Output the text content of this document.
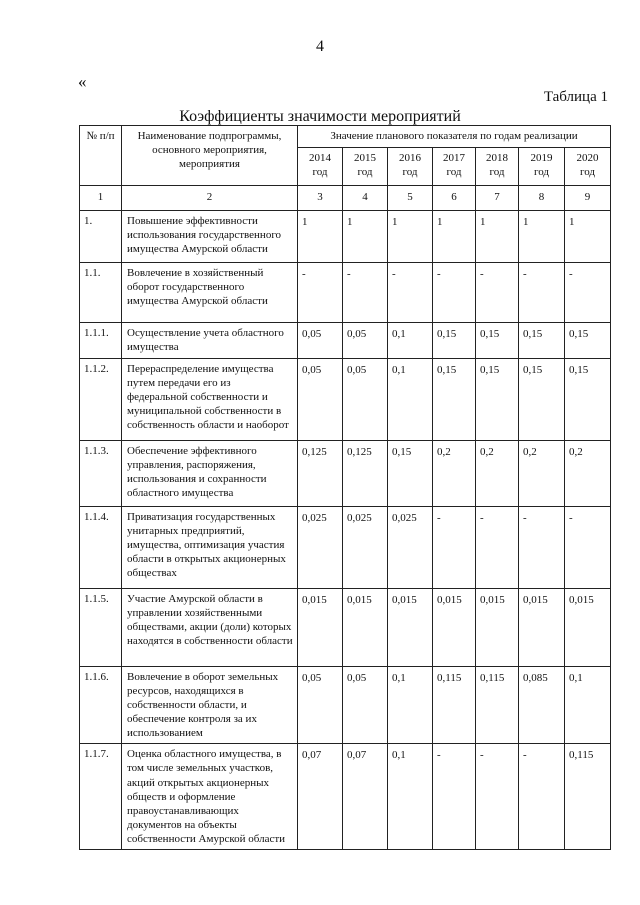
4
«
Таблица 1
Коэффициенты значимости мероприятий
№ п/п	Наименование подпрограммы, основного мероприятия, мероприятия	Значение планового показателя по годам реализации						
		2014 год	2015 год	2016 год	2017 год	2018 год	2019 год	2020 год
1	2	3	4	5	6	7	8	9
1.	Повышение эффективности использования государственного имущества Амурской области	1	1	1	1	1	1	1
1.1.	Вовлечение в хозяйственный оборот государственного имущества Амурской области	-	-	-	-	-	-	-
1.1.1.	Осуществление учета областного имущества	0,05	0,05	0,1	0,15	0,15	0,15	0,15
1.1.2.	Перераспределение имущества путем передачи его из федеральной собственности и муниципальной собственности в собственность области и наоборот	0,05	0,05	0,1	0,15	0,15	0,15	0,15
1.1.3.	Обеспечение эффективного управления, распоряжения, использования и сохранности областного имущества	0,125	0,125	0,15	0,2	0,2	0,2	0,2
1.1.4.	Приватизация государственных унитарных предприятий, имущества, оптимизация участия области в открытых акционерных обществах	0,025	0,025	0,025	-	-	-	-
1.1.5.	Участие Амурской области в управлении хозяйственными обществами, акции (доли) которых находятся в собственности области	0,015	0,015	0,015	0,015	0,015	0,015	0,015
1.1.6.	Вовлечение в оборот земельных ресурсов, находящихся в собственности области, и обеспечение контроля за их использованием	0,05	0,05	0,1	0,115	0,115	0,085	0,1
1.1.7.	Оценка областного имущества, в том числе земельных участков, акций открытых акционерных обществ и оформление правоустанавливающих документов на объекты собственности Амурской области	0,07	0,07	0,1	-	-	-	0,115
